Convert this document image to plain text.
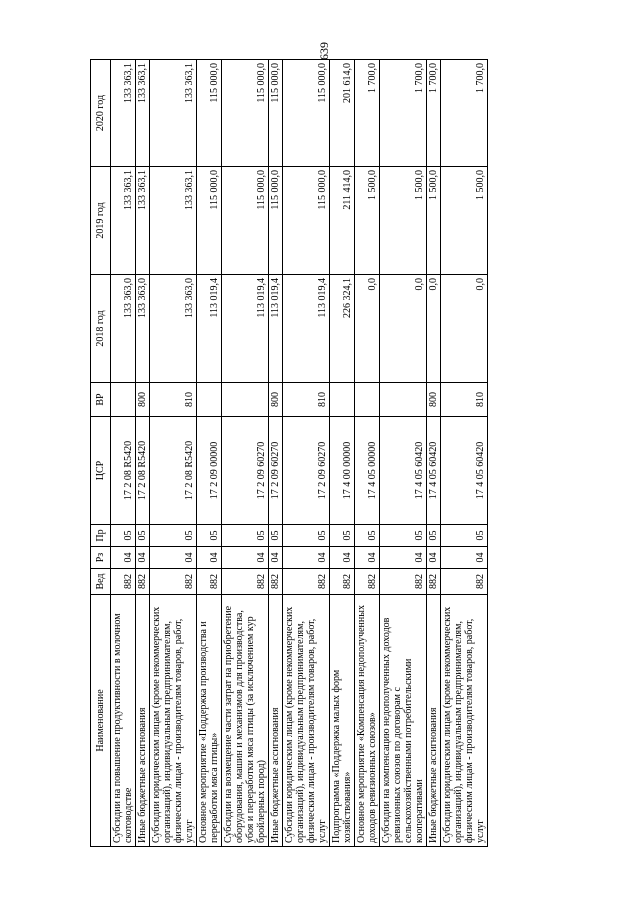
639
Наименование	Вед	Рз	Пр	ЦСР	ВР	2018 год	2019 год	2020 год
Субсидии на повышение продуктивности в молочном скотоводстве	882	04	05	17 2 08 R5420		133 363,0	133 363,1	133 363,1
Иные бюджетные ассигнования	882	04	05	17 2 08 R5420	800	133 363,0	133 363,1	133 363,1
Субсидии юридическим лицам (кроме некоммерческих организаций), индивидуальным предпринимателям, физическим лицам - производителям товаров, работ, услуг	882	04	05	17 2 08 R5420	810	133 363,0	133 363,1	133 363,1
Основное мероприятие «Поддержка производства и переработки мяса птицы»	882	04	05	17 2 09 00000		113 019,4	115 000,0	115 000,0
Субсидии на возмещение части затрат на приобретение оборудования, машин и механизмов для производства, убоя и переработки мяса птицы (за исключением кур бройлерных пород)	882	04	05	17 2 09 60270		113 019,4	115 000,0	115 000,0
Иные бюджетные ассигнования	882	04	05	17 2 09 60270	800	113 019,4	115 000,0	115 000,0
Субсидии юридическим лицам (кроме некоммерческих организаций), индивидуальным предпринимателям, физическим лицам - производителям товаров, работ, услуг	882	04	05	17 2 09 60270	810	113 019,4	115 000,0	115 000,0
Подпрограмма «Поддержка малых форм хозяйствования»	882	04	05	17 4 00 00000		226 324,1	211 414,0	201 614,0
Основное мероприятие «Компенсация недополученных доходов ревизионных союзов»	882	04	05	17 4 05 00000		0,0	1 500,0	1 700,0
Субсидии на компенсацию недополученных доходов ревизионных союзов по договорам с сельскохозяйственными потребительскими кооперативами	882	04	05	17 4 05 60420		0,0	1 500,0	1 700,0
Иные бюджетные ассигнования	882	04	05	17 4 05 60420	800	0,0	1 500,0	1 700,0
Субсидии юридическим лицам (кроме некоммерческих организаций), индивидуальным предпринимателям, физическим лицам - производителям товаров, работ, услуг	882	04	05	17 4 05 60420	810	0,0	1 500,0	1 700,0
